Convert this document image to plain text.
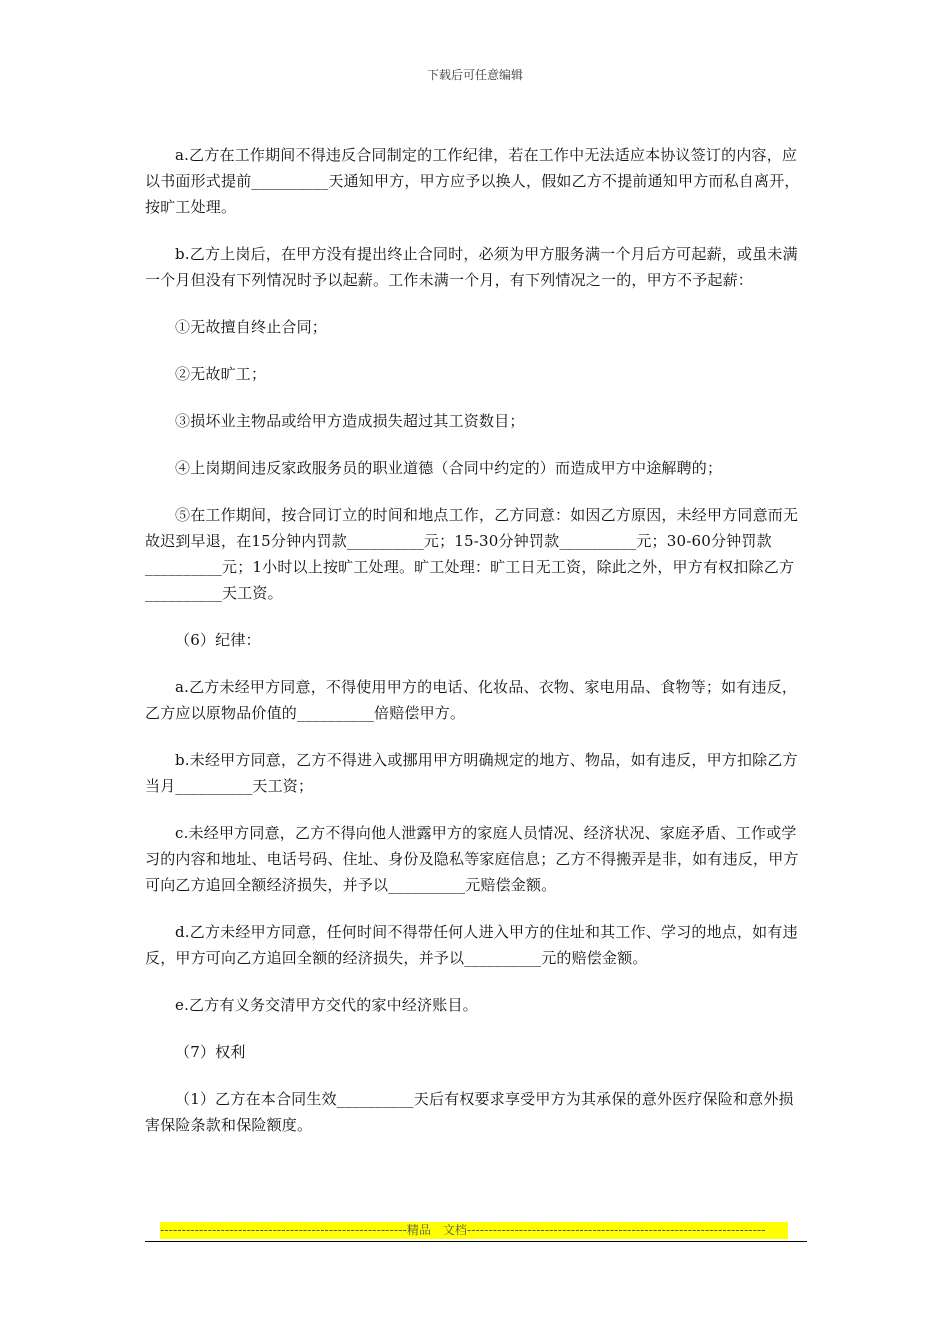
下载后可任意编辑

a.乙方在工作期间不得违反合同制定的工作纪律，若在工作中无法适应本协议签订的内容，应以书面形式提前__________天通知甲方，甲方应予以换人，假如乙方不提前通知甲方而私自离开，按旷工处理。

b.乙方上岗后，在甲方没有提出终止合同时，必须为甲方服务满一个月后方可起薪，或虽未满一个月但没有下列情况时予以起薪。工作未满一个月，有下列情况之一的，甲方不予起薪：

①无故擅自终止合同；

②无故旷工；

③损坏业主物品或给甲方造成损失超过其工资数目；

④上岗期间违反家政服务员的职业道德（合同中约定的）而造成甲方中途解聘的；

⑤在工作期间，按合同订立的时间和地点工作，乙方同意：如因乙方原因，未经甲方同意而无故迟到早退，在15分钟内罚款__________元；15-30分钟罚款__________元；30-60分钟罚款__________元；1小时以上按旷工处理。旷工处理：旷工日无工资，除此之外，甲方有权扣除乙方__________天工资。

（6）纪律：

a.乙方未经甲方同意，不得使用甲方的电话、化妆品、衣物、家电用品、食物等；如有违反，乙方应以原物品价值的__________倍赔偿甲方。

b.未经甲方同意，乙方不得进入或挪用甲方明确规定的地方、物品，如有违反，甲方扣除乙方当月__________天工资；

c.未经甲方同意，乙方不得向他人泄露甲方的家庭人员情况、经济状况、家庭矛盾、工作或学习的内容和地址、电话号码、住址、身份及隐私等家庭信息；乙方不得搬弄是非，如有违反，甲方可向乙方追回全额经济损失，并予以__________元赔偿金额。

d.乙方未经甲方同意，任何时间不得带任何人进入甲方的住址和其工作、学习的地点，如有违反，甲方可向乙方追回全额的经济损失，并予以__________元的赔偿金额。

e.乙方有义务交清甲方交代的家中经济账目。

（7）权利

（1）乙方在本合同生效__________天后有权要求享受甲方为其承保的意外医疗保险和意外损害保险条款和保险额度。

---------------------------------------------------------精品　文档---------------------------------------------------------------------
